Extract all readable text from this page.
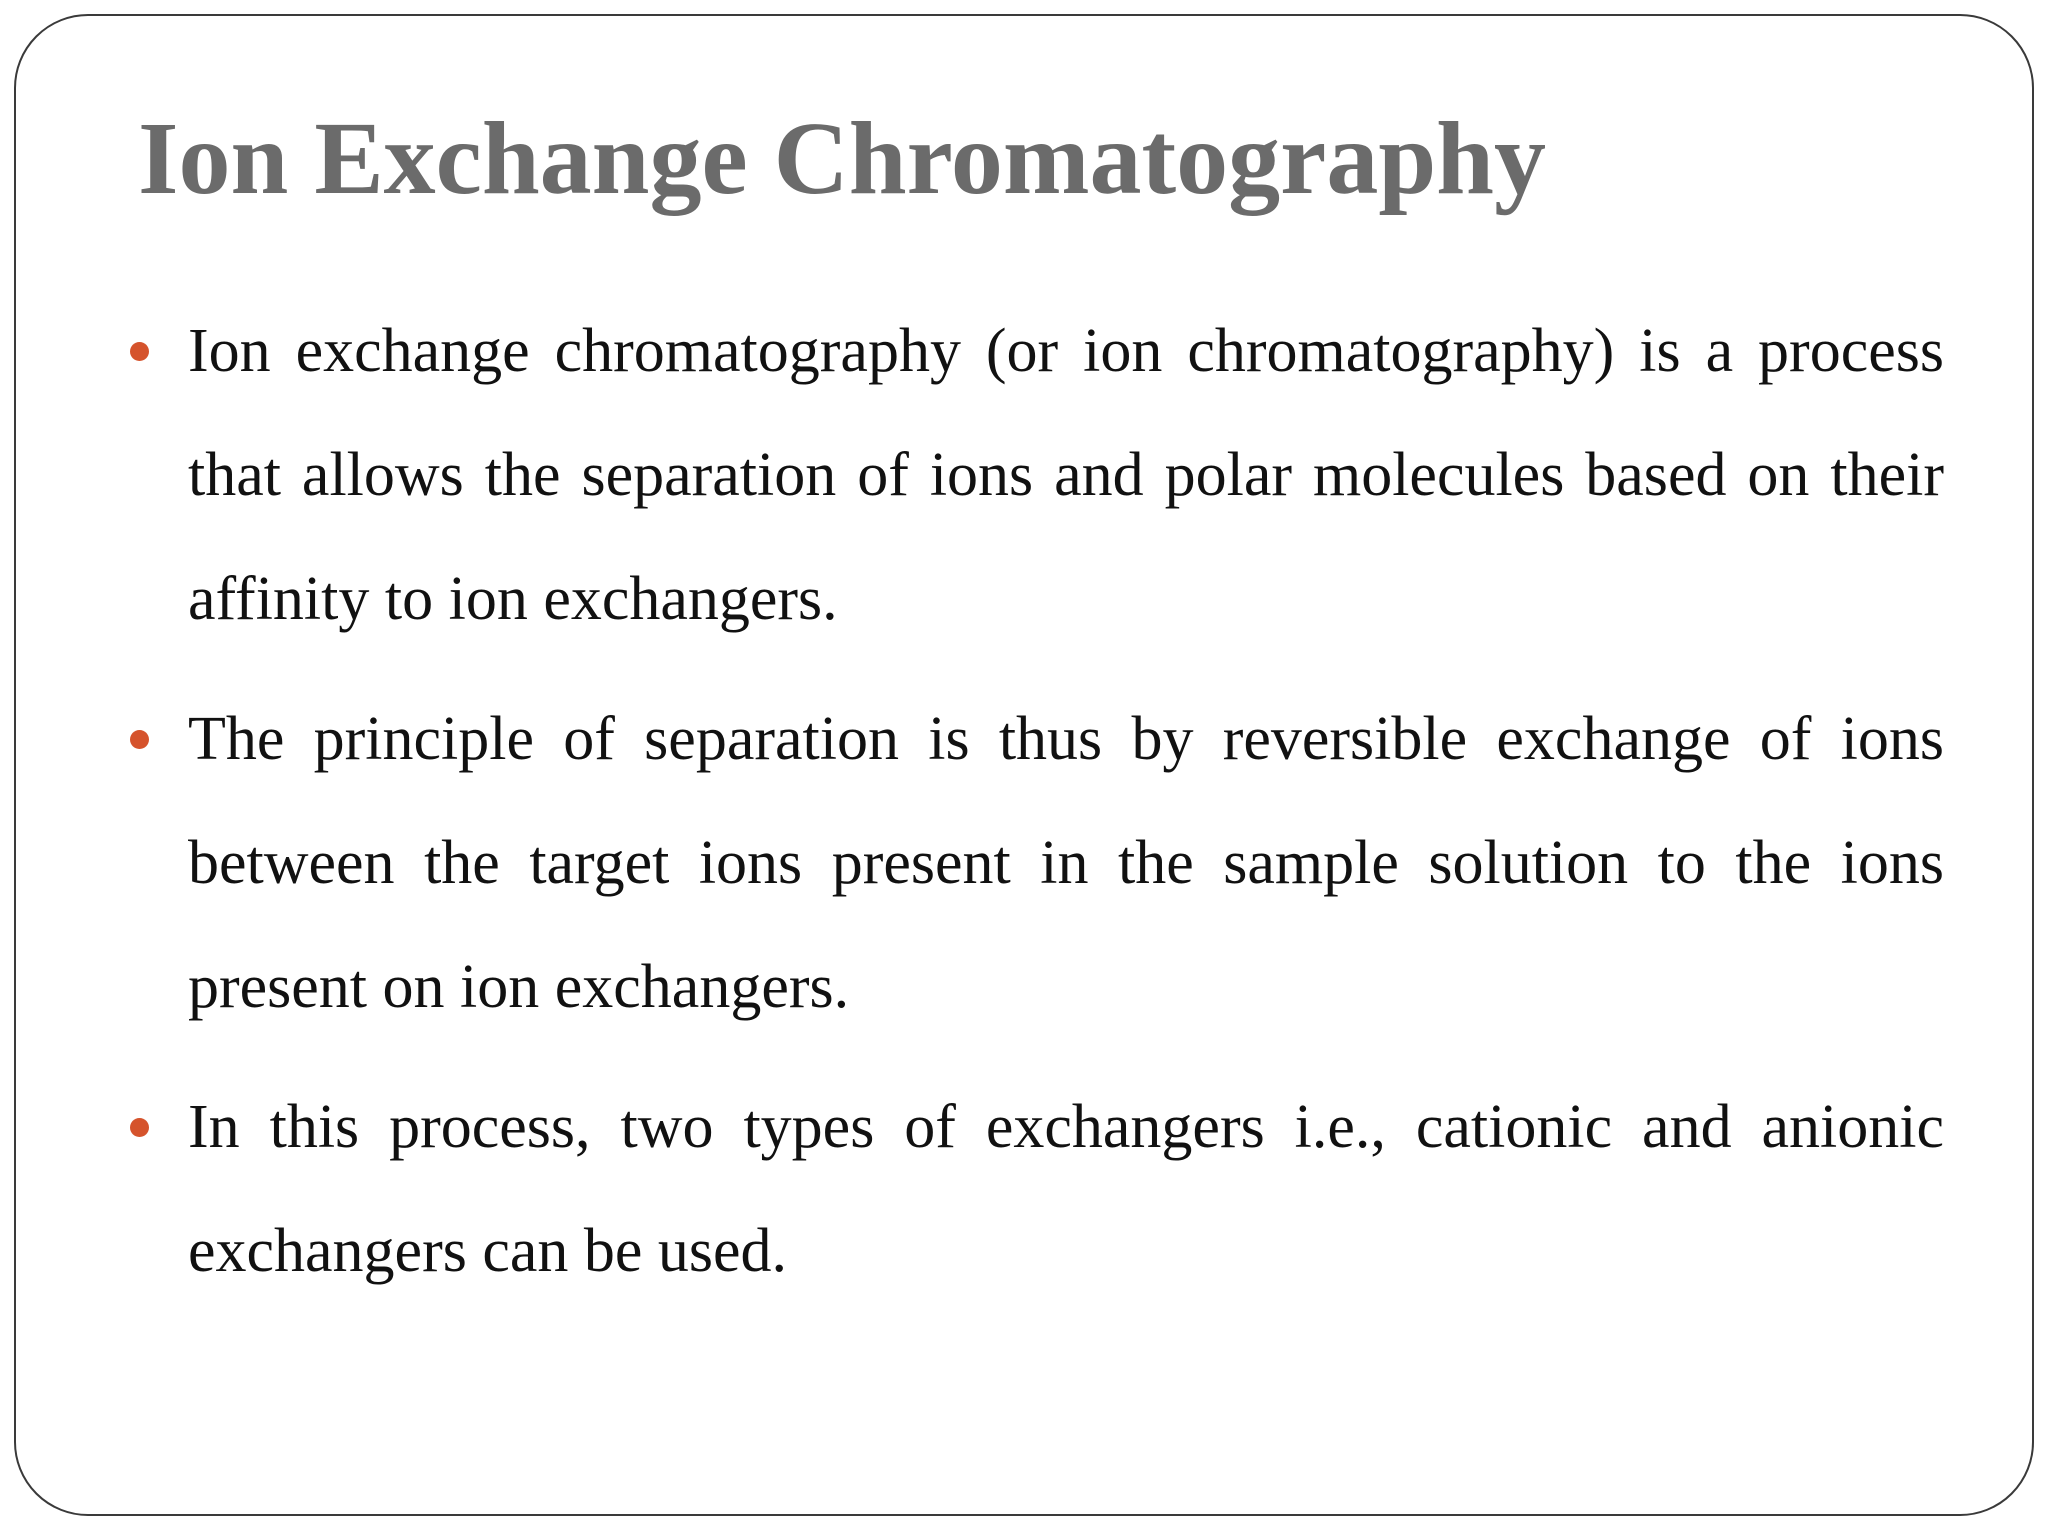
Ion Exchange Chromatography
Ion exchange chromatography (or ion chromatography) is a process that allows the separation of ions and polar molecules based on their affinity to ion exchangers.
The principle of separation is thus by reversible exchange of ions between the target ions present in the sample solution to the ions present on ion exchangers.
In this process, two types of exchangers i.e., cationic and anionic exchangers can be used.
